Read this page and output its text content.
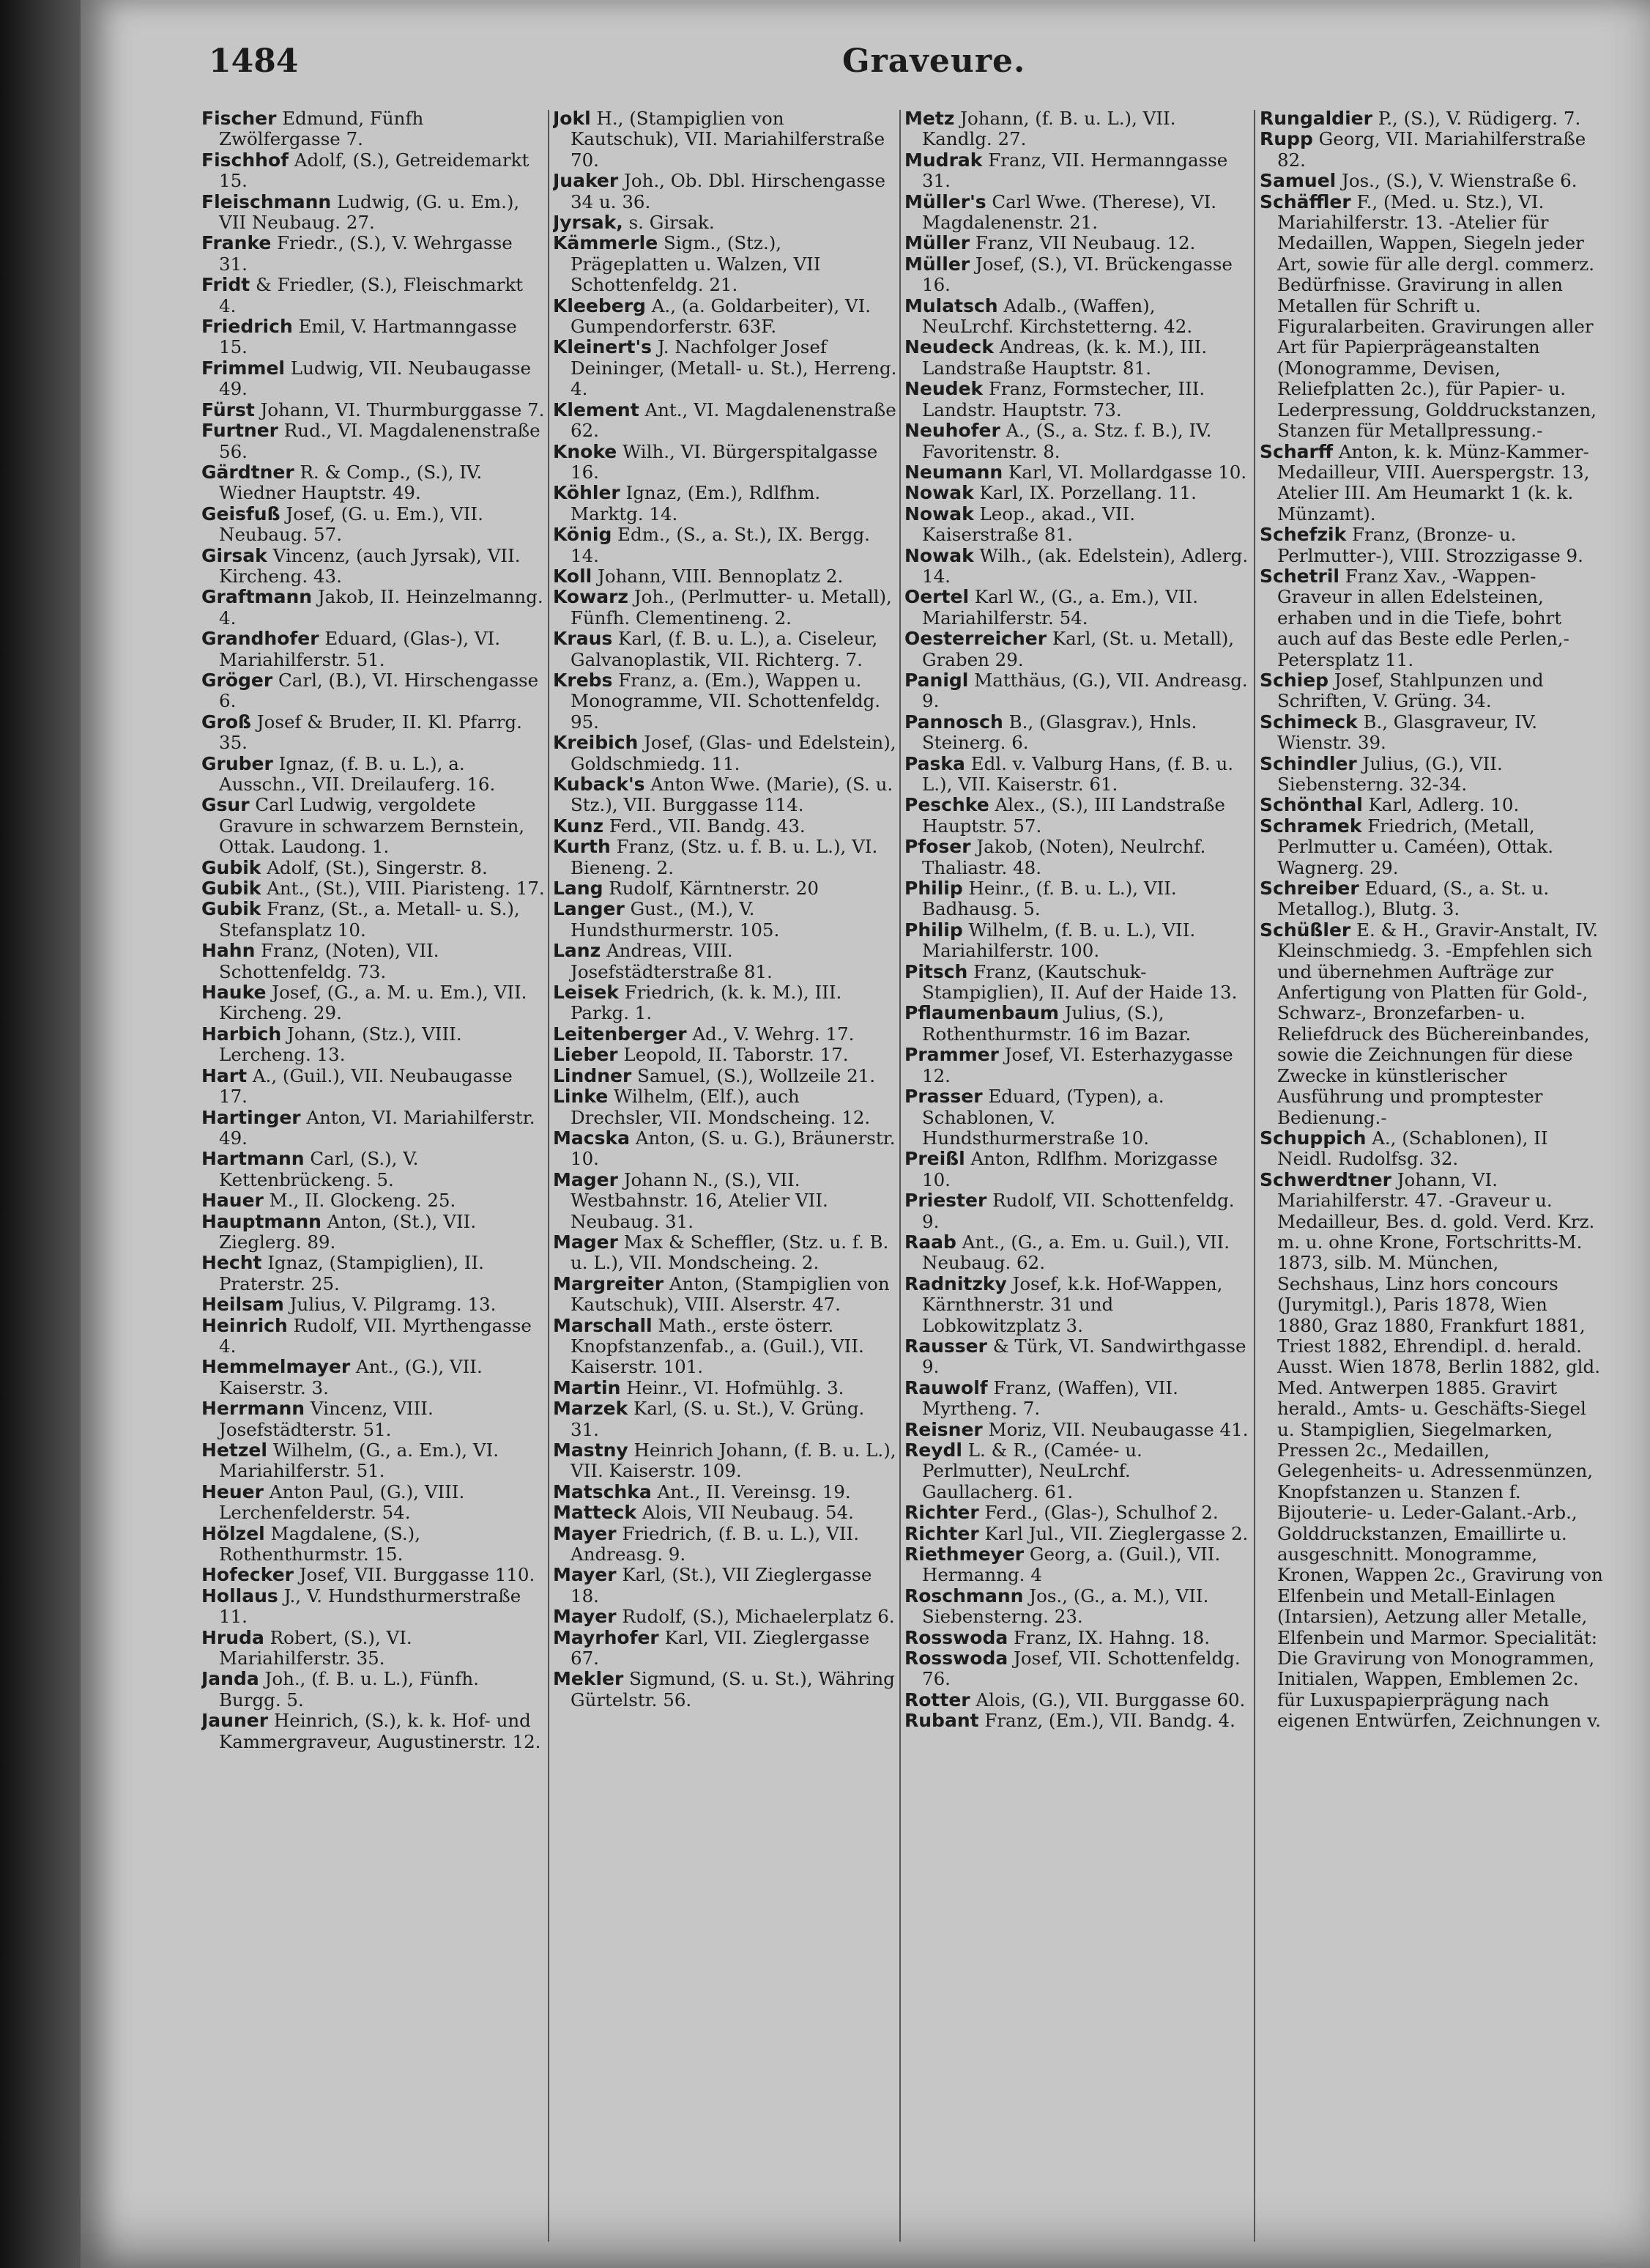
1484	Graveure.
Fischer Edmund, Fünfh Zwölfergasse 7.
Fischhof Adolf, (S.), Getreidemarkt 15.
Fleischmann Ludwig, (G. u. Em.), VII Neubaug. 27.
Franke Friedr., (S.), V. Wehrgasse 31.
Fridt & Friedler, (S.), Fleischmarkt 4.
Friedrich Emil, V. Hartmanngasse 15.
Frimmel Ludwig, VII. Neubaugasse 49.
Fürst Johann, VI. Thurmburggasse 7.
Furtner Rud., VI. Magdalenenstraße 56.
Gärdtner R. & Comp., (S.), IV. Wiedner Hauptstr. 49.
Geisfuß Josef, (G. u. Em.), VII. Neubaug. 57.
Girsak Vincenz, (auch Jyrsak), VII. Kircheng. 43.
Graftmann Jakob, II. Heinzelmanng. 4.
Grandhofer Eduard, (Glas-), VI. Mariahilferstr. 51.
Gröger Carl, (B.), VI. Hirschengasse 6.
Groß Josef & Bruder, II. Kl. Pfarrg. 35.
Gruber Ignaz, (f. B. u. L.), a. Ausschn., VII. Dreilauferg. 16.
Gsur Carl Ludwig, vergoldete Gravure in schwarzem Bernstein, Ottak. Laudong. 1.
Gubik Adolf, (St.), Singerstr. 8.
Gubik Ant., (St.), VIII. Piaristeng. 17.
Gubik Franz, (St., a. Metall- u. S.), Stefansplatz 10.
Hahn Franz, (Noten), VII. Schottenfeldg. 73.
Hauke Josef, (G., a. M. u. Em.), VII. Kircheng. 29.
Harbich Johann, (Stz.), VIII. Lercheng. 13.
Hart A., (Guil.), VII. Neubaugasse 17.
Hartinger Anton, VI. Mariahilferstr. 49.
Hartmann Carl, (S.), V. Kettenbrückeng. 5.
Hauer M., II. Glockeng. 25.
Hauptmann Anton, (St.), VII. Zieglerg. 89.
Hecht Ignaz, (Stampiglien), II. Praterstr. 25.
Heilsam Julius, V. Pilgramg. 13.
Heinrich Rudolf, VII. Myrthengasse 4.
Hemmelmayer Ant., (G.), VII. Kaiserstr. 3.
Herrmann Vincenz, VIII. Josefstädterstr. 51.
Hetzel Wilhelm, (G., a. Em.), VI. Mariahilferstr. 51.
Heuer Anton Paul, (G.), VIII. Lerchenfelderstr. 54.
Hölzel Magdalene, (S.), Rothenthurmstr. 15.
Hofecker Josef, VII. Burggasse 110.
Hollaus J., V. Hundsthurmerstraße 11.
Hruda Robert, (S.), VI. Mariahilferstr. 35.
Janda Joh., (f. B. u. L.), Fünfh. Burgg. 5.
Jauner Heinrich, (S.), k. k. Hof- und Kammergraveur, Augustinerstr. 12.
Jokl H., (Stampiglien von Kautschuk), VII. Mariahilferstraße 70.
Juaker Joh., Ob. Dbl. Hirschengasse 34 u. 36.
Jyrsak, s. Girsak.
Kämmerle Sigm., (Stz.), Prägeplatten u. Walzen, VII Schottenfeldg. 21.
Kleeberg A., (a. Goldarbeiter), VI. Gumpendorferstr. 63F.
Kleinert's J. Nachfolger Josef Deininger, (Metall- u. St.), Herreng. 4.
Klement Ant., VI. Magdalenenstraße 62.
Knoke Wilh., VI. Bürgerspitalgasse 16.
Köhler Ignaz, (Em.), Rdlfhm. Marktg. 14.
König Edm., (S., a. St.), IX. Bergg. 14.
Koll Johann, VIII. Bennoplatz 2.
Kowarz Joh., (Perlmutter- u. Metall), Fünfh. Clementineng. 2.
Kraus Karl, (f. B. u. L.), a. Ciseleur, Galvanoplastik, VII. Richterg. 7.
Krebs Franz, a. (Em.), Wappen u. Monogramme, VII. Schottenfeldg. 95.
Kreibich Josef, (Glas- und Edelstein), Goldschmiedg. 11.
Kuback's Anton Wwe. (Marie), (S. u. Stz.), VII. Burggasse 114.
Kunz Ferd., VII. Bandg. 43.
Kurth Franz, (Stz. u. f. B. u. L.), VI. Bieneng. 2.
Lang Rudolf, Kärntnerstr. 20
Langer Gust., (M.), V. Hundsthurmerstr. 105.
Lanz Andreas, VIII. Josefstädterstraße 81.
Leisek Friedrich, (k. k. M.), III. Parkg. 1.
Leitenberger Ad., V. Wehrg. 17.
Lieber Leopold, II. Taborstr. 17.
Lindner Samuel, (S.), Wollzeile 21.
Linke Wilhelm, (Elf.), auch Drechsler, VII. Mondscheing. 12.
Macska Anton, (S. u. G.), Bräunerstr. 10.
Mager Johann N., (S.), VII. Westbahnstr. 16, Atelier VII. Neubaug. 31.
Mager Max & Scheffler, (Stz. u. f. B. u. L.), VII. Mondscheing. 2.
Margreiter Anton, (Stampiglien von Kautschuk), VIII. Alserstr. 47.
Marschall Math., erste österr. Knopfstanzenfab., a. (Guil.), VII. Kaiserstr. 101.
Martin Heinr., VI. Hofmühlg. 3.
Marzek Karl, (S. u. St.), V. Grüng. 31.
Mastny Heinrich Johann, (f. B. u. L.), VII. Kaiserstr. 109.
Matschka Ant., II. Vereinsg. 19.
Matteck Alois, VII Neubaug. 54.
Mayer Friedrich, (f. B. u. L.), VII. Andreasg. 9.
Mayer Karl, (St.), VII Zieglergasse 18.
Mayer Rudolf, (S.), Michaelerplatz 6.
Mayrhofer Karl, VII. Zieglergasse 67.
Mekler Sigmund, (S. u. St.), Währing Gürtelstr. 56.
Metz Johann, (f. B. u. L.), VII. Kandlg. 27.
Mudrak Franz, VII. Hermanngasse 31.
Müller's Carl Wwe. (Therese), VI. Magdalenenstr. 21.
Müller Franz, VII Neubaug. 12.
Müller Josef, (S.), VI. Brückengasse 16.
Mulatsch Adalb., (Waffen), NeuLrchf. Kirchstetterng. 42.
Neudeck Andreas, (k. k. M.), III. Landstraße Hauptstr. 81.
Neudek Franz, Formstecher, III. Landstr. Hauptstr. 73.
Neuhofer A., (S., a. Stz. f. B.), IV. Favoritenstr. 8.
Neumann Karl, VI. Mollardgasse 10.
Nowak Karl, IX. Porzellang. 11.
Nowak Leop., akad., VII. Kaiserstraße 81.
Nowak Wilh., (ak. Edelstein), Adlerg. 14.
Oertel Karl W., (G., a. Em.), VII. Mariahilferstr. 54.
Oesterreicher Karl, (St. u. Metall), Graben 29.
Panigl Matthäus, (G.), VII. Andreasg. 9.
Pannosch B., (Glasgrav.), Hnls. Steinerg. 6.
Paska Edl. v. Valburg Hans, (f. B. u. L.), VII. Kaiserstr. 61.
Peschke Alex., (S.), III Landstraße Hauptstr. 57.
Pfoser Jakob, (Noten), Neulrchf. Thaliastr. 48.
Philip Heinr., (f. B. u. L.), VII. Badhausg. 5.
Philip Wilhelm, (f. B. u. L.), VII. Mariahilferstr. 100.
Pitsch Franz, (Kautschuk-Stampiglien), II. Auf der Haide 13.
Pflaumenbaum Julius, (S.), Rothenthurmstr. 16 im Bazar.
Prammer Josef, VI. Esterhazygasse 12.
Prasser Eduard, (Typen), a. Schablonen, V. Hundsthurmerstraße 10.
Preißl Anton, Rdlfhm. Morizgasse 10.
Priester Rudolf, VII. Schottenfeldg. 9.
Raab Ant., (G., a. Em. u. Guil.), VII. Neubaug. 62.
Radnitzky Josef, k.k. Hof-Wappen, Kärnthnerstr. 31 und Lobkowitzplatz 3.
Rausser & Türk, VI. Sandwirthgasse 9.
Rauwolf Franz, (Waffen), VII. Myrtheng. 7.
Reisner Moriz, VII. Neubaugasse 41.
Reydl L. & R., (Camée- u. Perlmutter), NeuLrchf. Gaullacherg. 61.
Richter Ferd., (Glas-), Schulhof 2.
Richter Karl Jul., VII. Zieglergasse 2.
Riethmeyer Georg, a. (Guil.), VII. Hermanng. 4
Roschmann Jos., (G., a. M.), VII. Siebensterng. 23.
Rosswoda Franz, IX. Hahng. 18.
Rosswoda Josef, VII. Schottenfeldg. 76.
Rotter Alois, (G.), VII. Burggasse 60.
Rubant Franz, (Em.), VII. Bandg. 4.
Rungaldier P., (S.), V. Rüdigerg. 7.
Rupp Georg, VII. Mariahilferstraße 82.
Samuel Jos., (S.), V. Wienstraße 6.
Schäffler F., (Med. u. Stz.), VI. Mariahilferstr. 13. -Atelier für Medaillen, Wappen, Siegeln jeder Art, sowie für alle dergl. commerz. Bedürfnisse. Gravirung in allen Metallen für Schrift u. Figuralarbeiten. Gravirungen aller Art für Papierprägeanstalten (Monogramme, Devisen, Reliefplatten 2c.), für Papier- u. Lederpressung, Golddruckstanzen, Stanzen für Metallpressung.-
Scharff Anton, k. k. Münz-Kammer-Medailleur, VIII. Auerspergstr. 13, Atelier III. Am Heumarkt 1 (k. k. Münzamt).
Schefzik Franz, (Bronze- u. Perlmutter-), VIII. Strozzigasse 9.
Schetril Franz Xav., -Wappen-Graveur in allen Edelsteinen, erhaben und in die Tiefe, bohrt auch auf das Beste edle Perlen,- Petersplatz 11.
Schiep Josef, Stahlpunzen und Schriften, V. Grüng. 34.
Schimeck B., Glasgraveur, IV. Wienstr. 39.
Schindler Julius, (G.), VII. Siebensterng. 32-34.
Schönthal Karl, Adlerg. 10.
Schramek Friedrich, (Metall, Perlmutter u. Caméen), Ottak. Wagnerg. 29.
Schreiber Eduard, (S., a. St. u. Metallog.), Blutg. 3.
Schüßler E. & H., Gravir-Anstalt, IV. Kleinschmiedg. 3. -Empfehlen sich und übernehmen Aufträge zur Anfertigung von Platten für Gold-, Schwarz-, Bronzefarben- u. Reliefdruck des Büchereinbandes, sowie die Zeichnungen für diese Zwecke in künstlerischer Ausführung und promptester Bedienung.-
Schuppich A., (Schablonen), II Neidl. Rudolfsg. 32.
Schwerdtner Johann, VI. Mariahilferstr. 47. -Graveur u. Medailleur, Bes. d. gold. Verd. Krz. m. u. ohne Krone, Fortschritts-M. 1873, silb. M. München, Sechshaus, Linz hors concours (Jurymitgl.), Paris 1878, Wien 1880, Graz 1880, Frankfurt 1881, Triest 1882, Ehrendipl. d. herald. Ausst. Wien 1878, Berlin 1882, gld. Med. Antwerpen 1885. Gravirt herald., Amts- u. Geschäfts-Siegel u. Stampiglien, Siegelmarken, Pressen 2c., Medaillen, Gelegenheits- u. Adressenmünzen, Knopfstanzen u. Stanzen f. Bijouterie- u. Leder-Galant.-Arb., Golddruckstanzen, Emaillirte u. ausgeschnitt. Monogramme, Kronen, Wappen 2c., Gravirung von Elfenbein und Metall-Einlagen (Intarsien), Aetzung aller Metalle, Elfenbein und Marmor. Specialität: Die Gravirung von Monogrammen, Initialen, Wappen, Emblemen 2c. für Luxuspapierprägung nach eigenen Entwürfen, Zeichnungen v.
